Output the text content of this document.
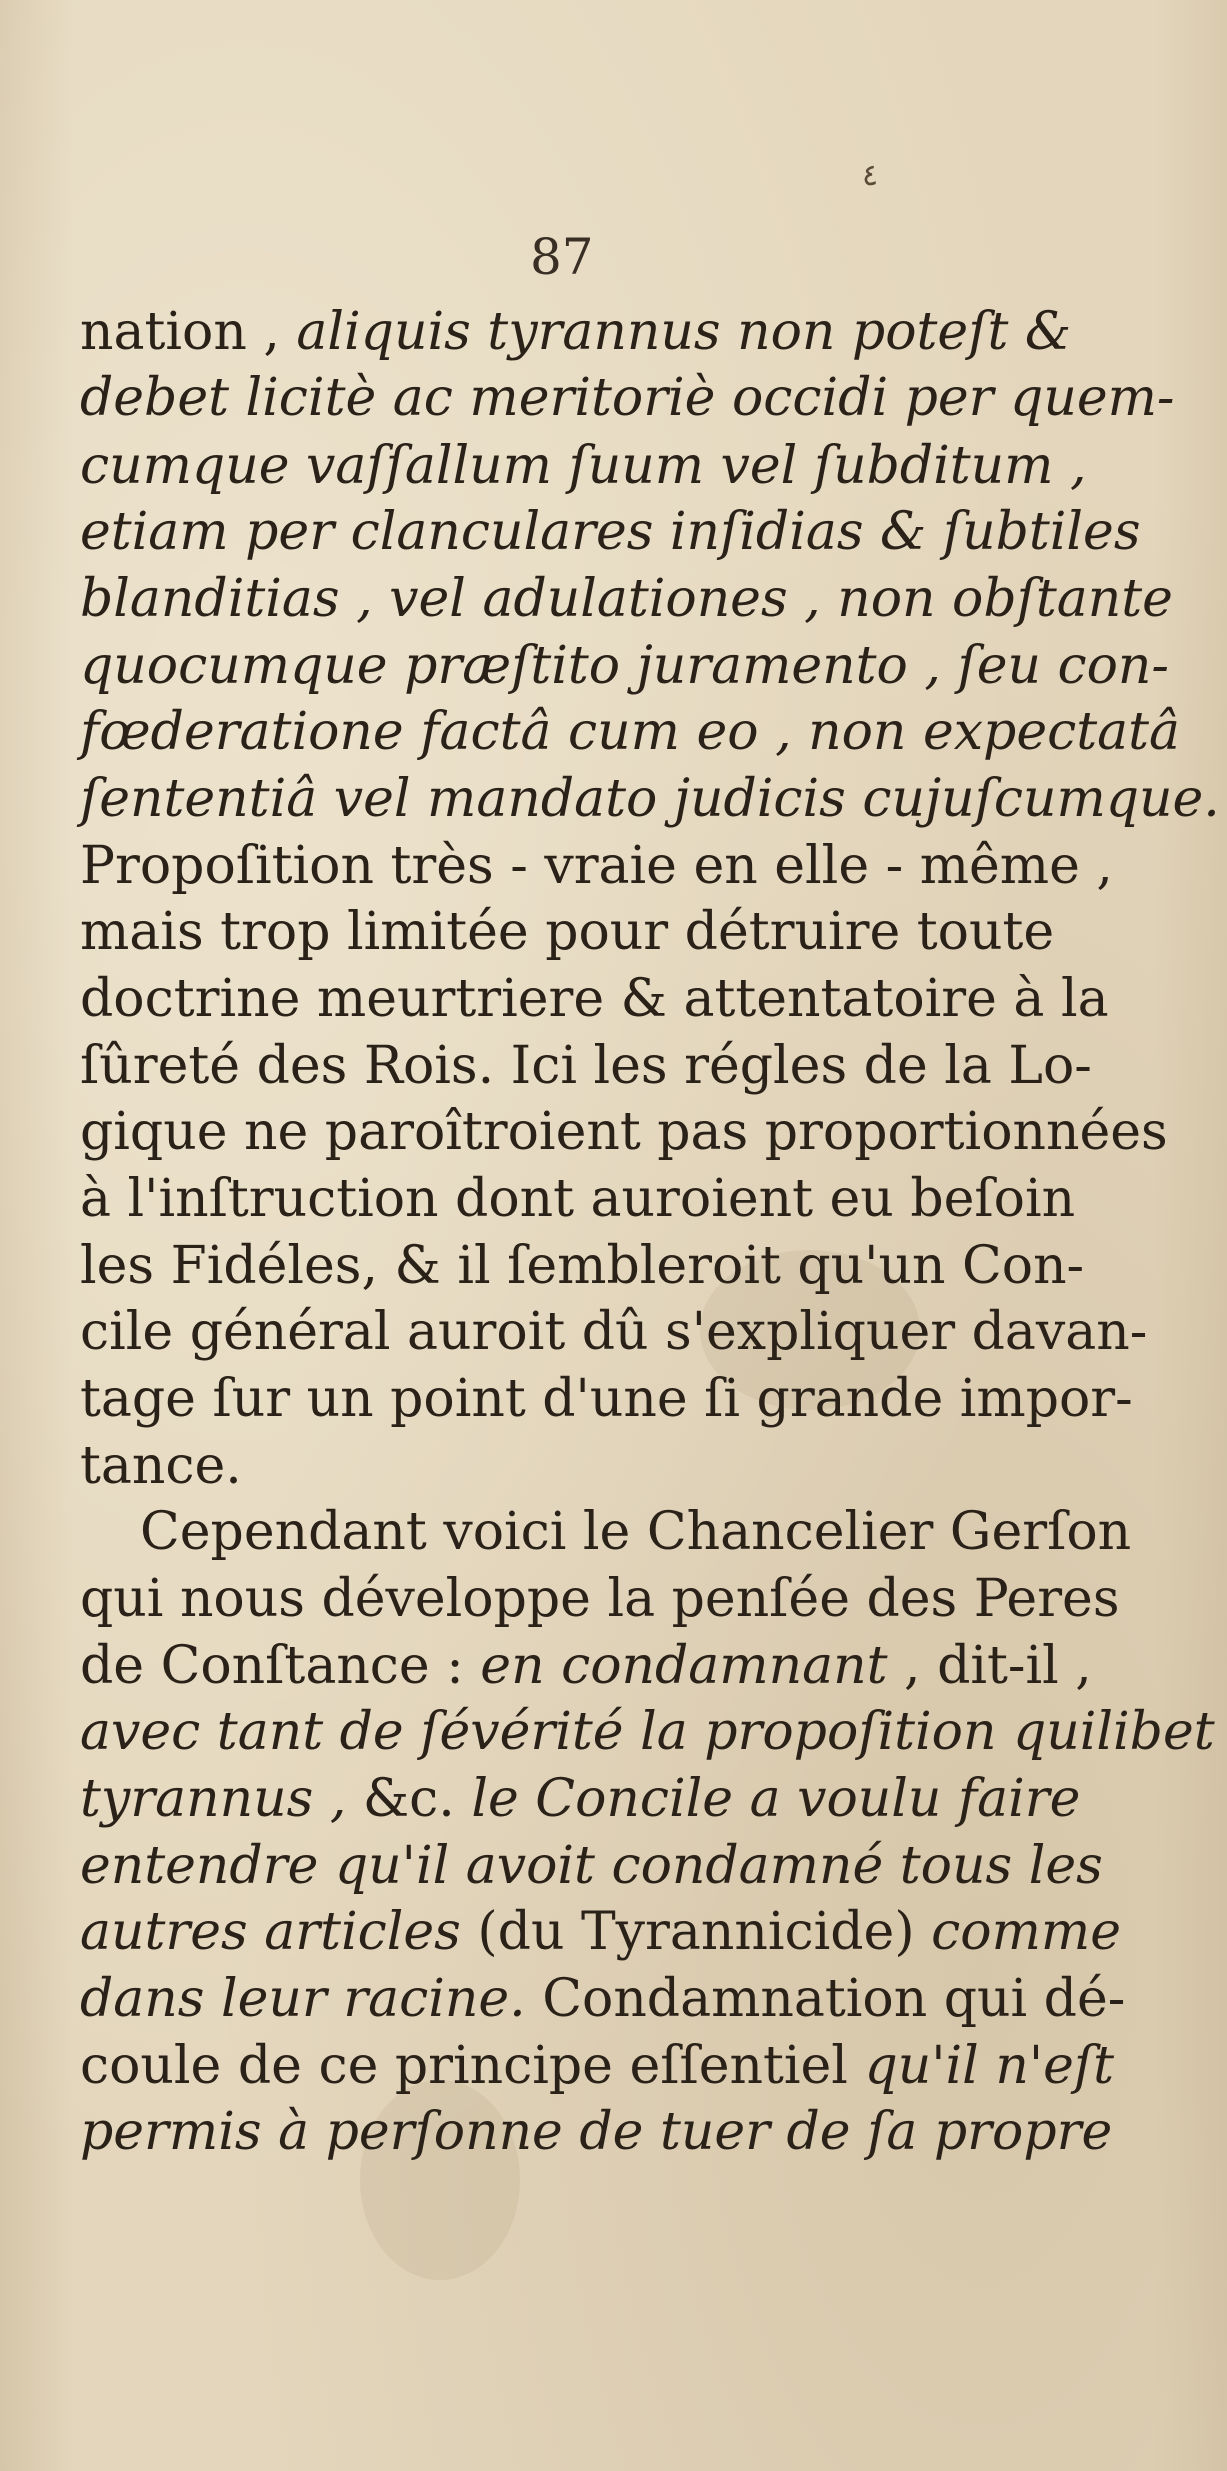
٤
87
nation , aliquis tyrannus non poteſt &
debet licitè ac meritoriè occidi per quem-
cumque vaſſallum ſuum vel ſubditum ,
etiam per clanculares inſidias & ſubtiles
blanditias , vel adulationes , non obſtante
quocumque præſtito juramento , ſeu con-
fœderatione factâ cum eo , non expectatâ
ſententiâ vel mandato judicis cujuſcumque.
Propoſition très - vraie en elle - même ,
mais trop limitée pour détruire toute
doctrine meurtriere & attentatoire à la
ſûreté des Rois. Ici les régles de la Lo-
gique ne paroîtroient pas proportionnées
à l'inſtruction dont auroient eu beſoin
les Fidéles, & il ſembleroit qu'un Con-
cile général auroit dû s'expliquer davan-
tage ſur un point d'une ſi grande impor-
tance.
Cependant voici le Chancelier Gerſon
qui nous développe la penſée des Peres
de Conſtance : en condamnant , dit-il ,
avec tant de ſévérité la propoſition quilibet
tyrannus , &c. le Concile a voulu faire
entendre qu'il avoit condamné tous les
autres articles (du Tyrannicide) comme
dans leur racine. Condamnation qui dé-
coule de ce principe eſſentiel qu'il n'eſt
permis à perſonne de tuer de ſa propre
